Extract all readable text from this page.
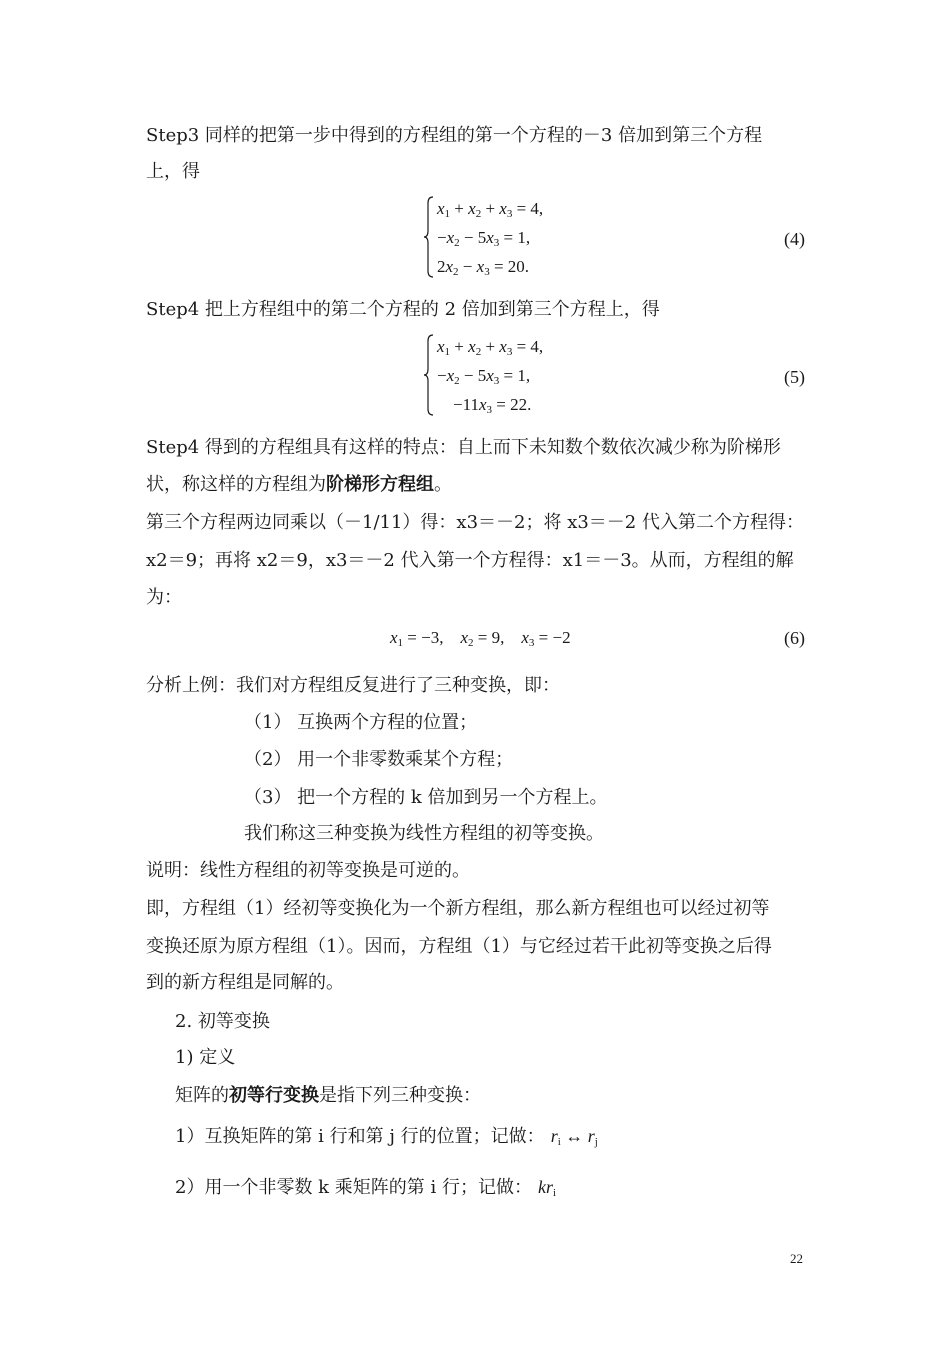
Step3 同样的把第一步中得到的方程组的第一个方程的－3 倍加到第三个方程
上，得
$x_1 + x_2 + x_3 = 4$,
$-x_2 - 5x_3 = 1$,
$2x_2 - x_3 = 20$.
(4)
Step4 把上方程组中的第二个方程的 2 倍加到第三个方程上，得
$x_1 + x_2 + x_3 = 4$,
$-x_2 - 5x_3 = 1$,
$-11x_3 = 22$.
(5)
Step4 得到的方程组具有这样的特点：自上而下未知数个数依次减少称为阶梯形
状，称这样的方程组为阶梯形方程组。
第三个方程两边同乘以（－1/11）得：x3＝－2；将 x3＝－2 代入第二个方程得：
x2＝9；再将 x2＝9，x3＝－2 代入第一个方程得：x1＝－3。从而，方程组的解
为：
$x_1 = -3$,    $x_2 = 9$,    $x_3 = -2$	(6)
分析上例：我们对方程组反复进行了三种变换，即：
（1） 互换两个方程的位置；
（2） 用一个非零数乘某个方程；
（3） 把一个方程的 k 倍加到另一个方程上。
我们称这三种变换为线性方程组的初等变换。
说明：线性方程组的初等变换是可逆的。
即，方程组（1）经初等变换化为一个新方程组，那么新方程组也可以经过初等
变换还原为原方程组（1）。因而，方程组（1）与它经过若干此初等变换之后得
到的新方程组是同解的。
2. 初等变换
1) 定义
矩阵的初等行变换是指下列三种变换：
1）互换矩阵的第 i 行和第 j 行的位置；记做： $r_i$ ↔ $r_j$
2）用一个非零数 k 乘矩阵的第 i 行；记做： $kr_i$
22
